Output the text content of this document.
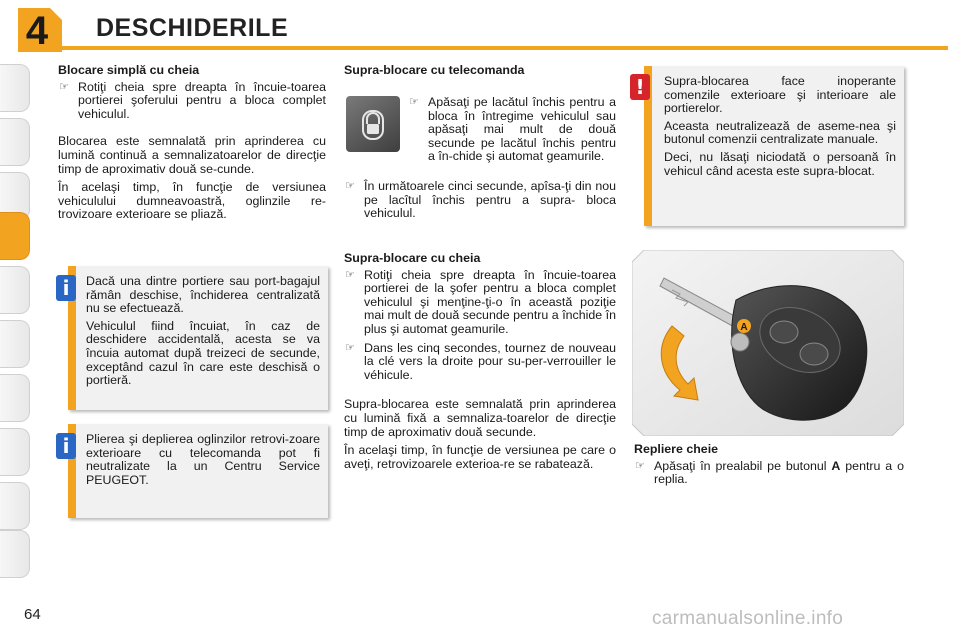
4	DESCHIDERILE
Blocare simplă cu cheia
☞ Rotiţi cheia spre dreapta în încuie-toarea portierei şoferului pentru a bloca complet vehiculul.
Blocarea este semnalată prin aprinderea cu lumină continuă a semnalizatoarelor de direcţie timp de aproximativ două se-cunde.
În acelaşi timp, în funcţie de versiunea vehiculului dumneavoastră, oglinzile re-trovizoare exterioare se pliază.
Dacă una dintre portiere sau port-bagajul rămân deschise, închiderea centralizată nu se efectuează.
Vehiculul fiind încuiat, în caz de deschidere accidentală, acesta se va încuia automat după treizeci de secunde, exceptând cazul în care este deschisă o portieră.
i
Plierea şi deplierea oglinzilor retrovi-zoare exterioare cu telecomanda pot fi neutralizate la un Centru Service PEUGEOT.
i
Supra-blocare cu telecomanda
☞ Apăsaţi pe lacătul închis pentru a bloca în întregime vehiculul sau apăsaţi mai mult de două secunde pe lacătul închis pentru a în-chide şi automat geamurile.
☞ În următoarele cinci secunde, apîsa-ţi din nou pe lacîtul închis pentru a supra- bloca vehiculul.
Supra-blocare cu cheia
☞ Rotiţi cheia spre dreapta în încuie-toarea portierei de la şofer pentru a bloca complet vehiculul şi menţine-ţi-o în această poziţie mai mult de două secunde pentru a închide în plus şi automat geamurile.
☞ Dans les cinq secondes, tournez de nouveau la clé vers la droite pour su-per-verrouiller le véhicule.
Supra-blocarea este semnalată prin aprinderea cu lumină fixă a semnaliza-toarelor de direcţie timp de aproximativ două secunde.
În acelaşi timp, în funcţie de versiunea pe care o aveţi, retrovizoarele exterioa-re se rabatează.
Supra-blocarea face inoperante comenzile exterioare şi interioare ale portierelor.
Aceasta neutralizează de aseme-nea şi butonul comenzii centralizate manuale.
Deci, nu lăsaţi niciodată o persoană în vehicul când acesta este supra-blocat.
!
A
Repliere cheie
☞ Apăsaţi în prealabil pe butonul A pentru a o replia.
64	carmanualsonline.info
